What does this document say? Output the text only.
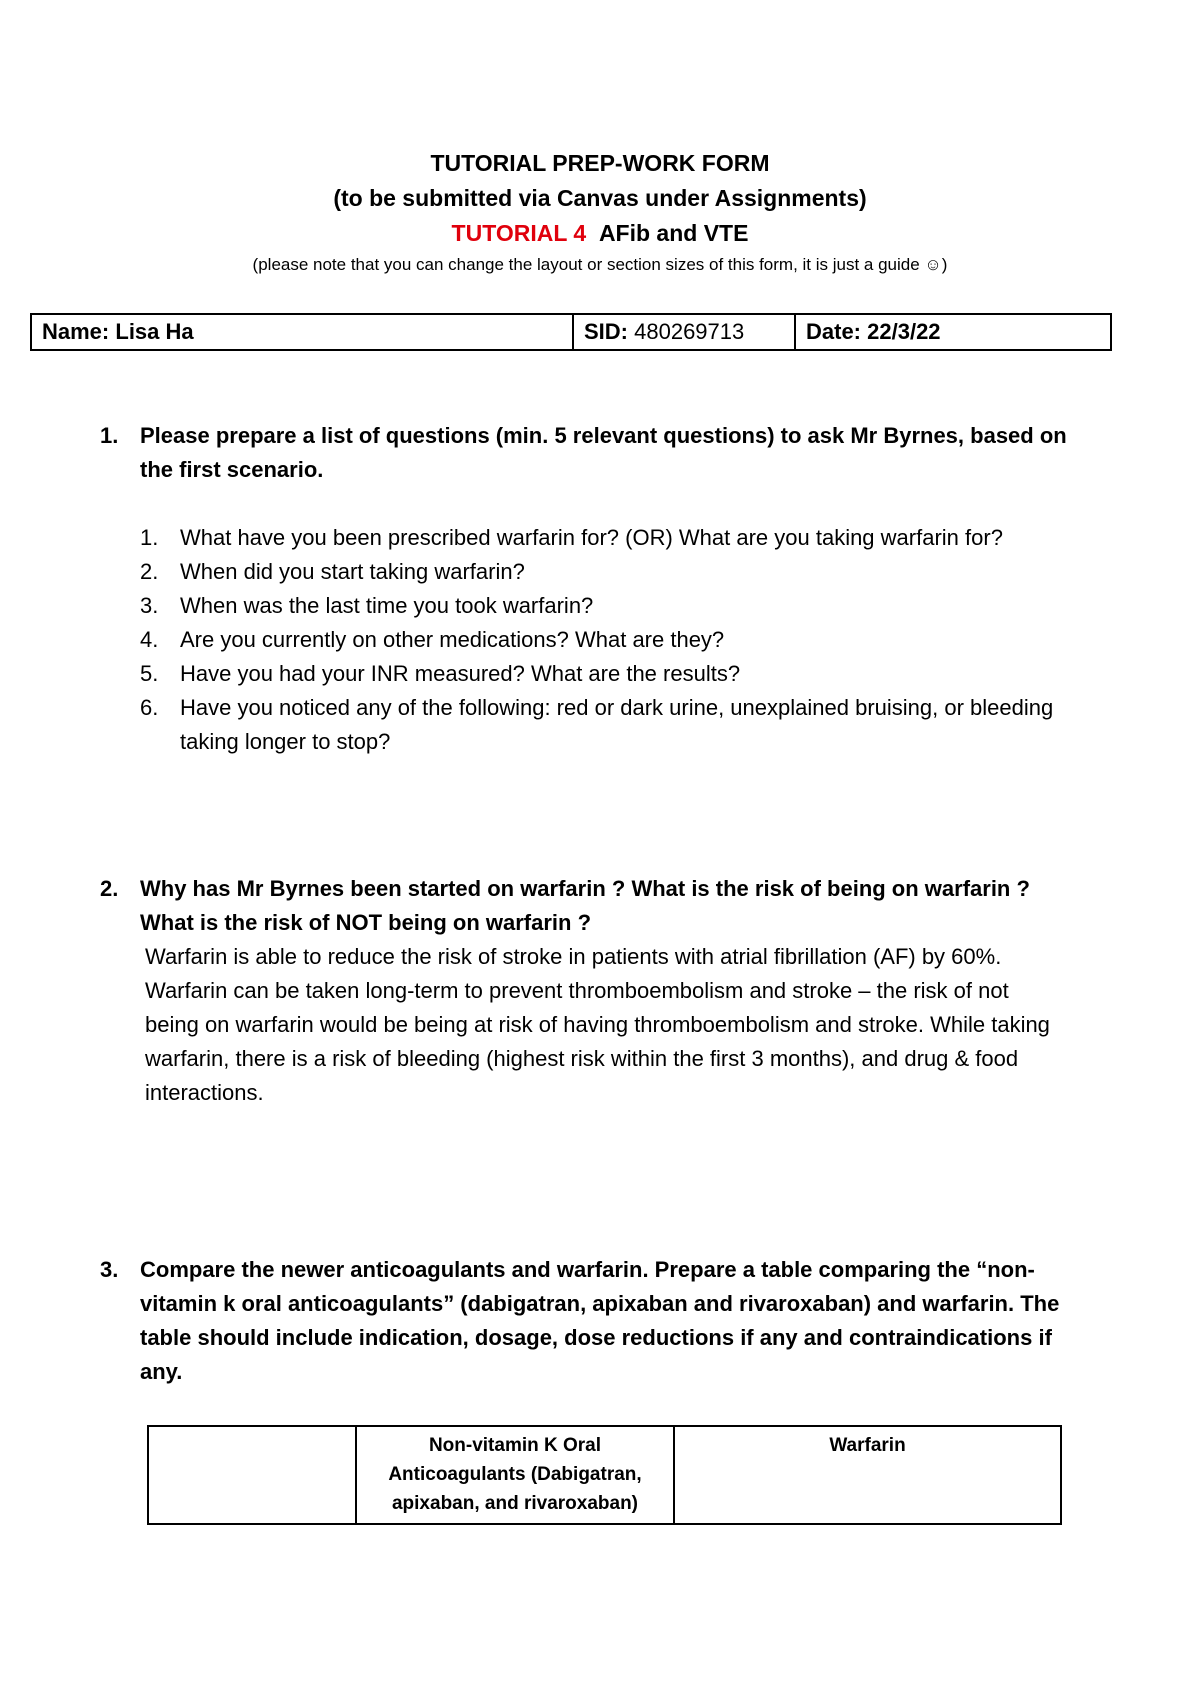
TUTORIAL PREP-WORK FORM
(to be submitted via Canvas under Assignments)
TUTORIAL 4 AFib and VTE
(please note that you can change the layout or section sizes of this form, it is just a guide ☺)
Name: Lisa Ha	SID: 480269713	Date: 22/3/22
1. Please prepare a list of questions (min. 5 relevant questions) to ask Mr Byrnes, based on the first scenario.
1. What have you been prescribed warfarin for? (OR) What are you taking warfarin for?
2. When did you start taking warfarin?
3. When was the last time you took warfarin?
4. Are you currently on other medications? What are they?
5. Have you had your INR measured? What are the results?
6. Have you noticed any of the following: red or dark urine, unexplained bruising, or bleeding taking longer to stop?
2. Why has Mr Byrnes been started on warfarin ? What is the risk of being on warfarin ? What is the risk of NOT being on warfarin ?
Warfarin is able to reduce the risk of stroke in patients with atrial fibrillation (AF) by 60%. Warfarin can be taken long-term to prevent thromboembolism and stroke – the risk of not being on warfarin would be being at risk of having thromboembolism and stroke. While taking warfarin, there is a risk of bleeding (highest risk within the first 3 months), and drug & food interactions.
3. Compare the newer anticoagulants and warfarin. Prepare a table comparing the “non-vitamin k oral anticoagulants” (dabigatran, apixaban and rivaroxaban) and warfarin. The table should include indication, dosage, dose reductions if any and contraindications if any.
	Non-vitamin K Oral Anticoagulants (Dabigatran, apixaban, and rivaroxaban)	Warfarin
